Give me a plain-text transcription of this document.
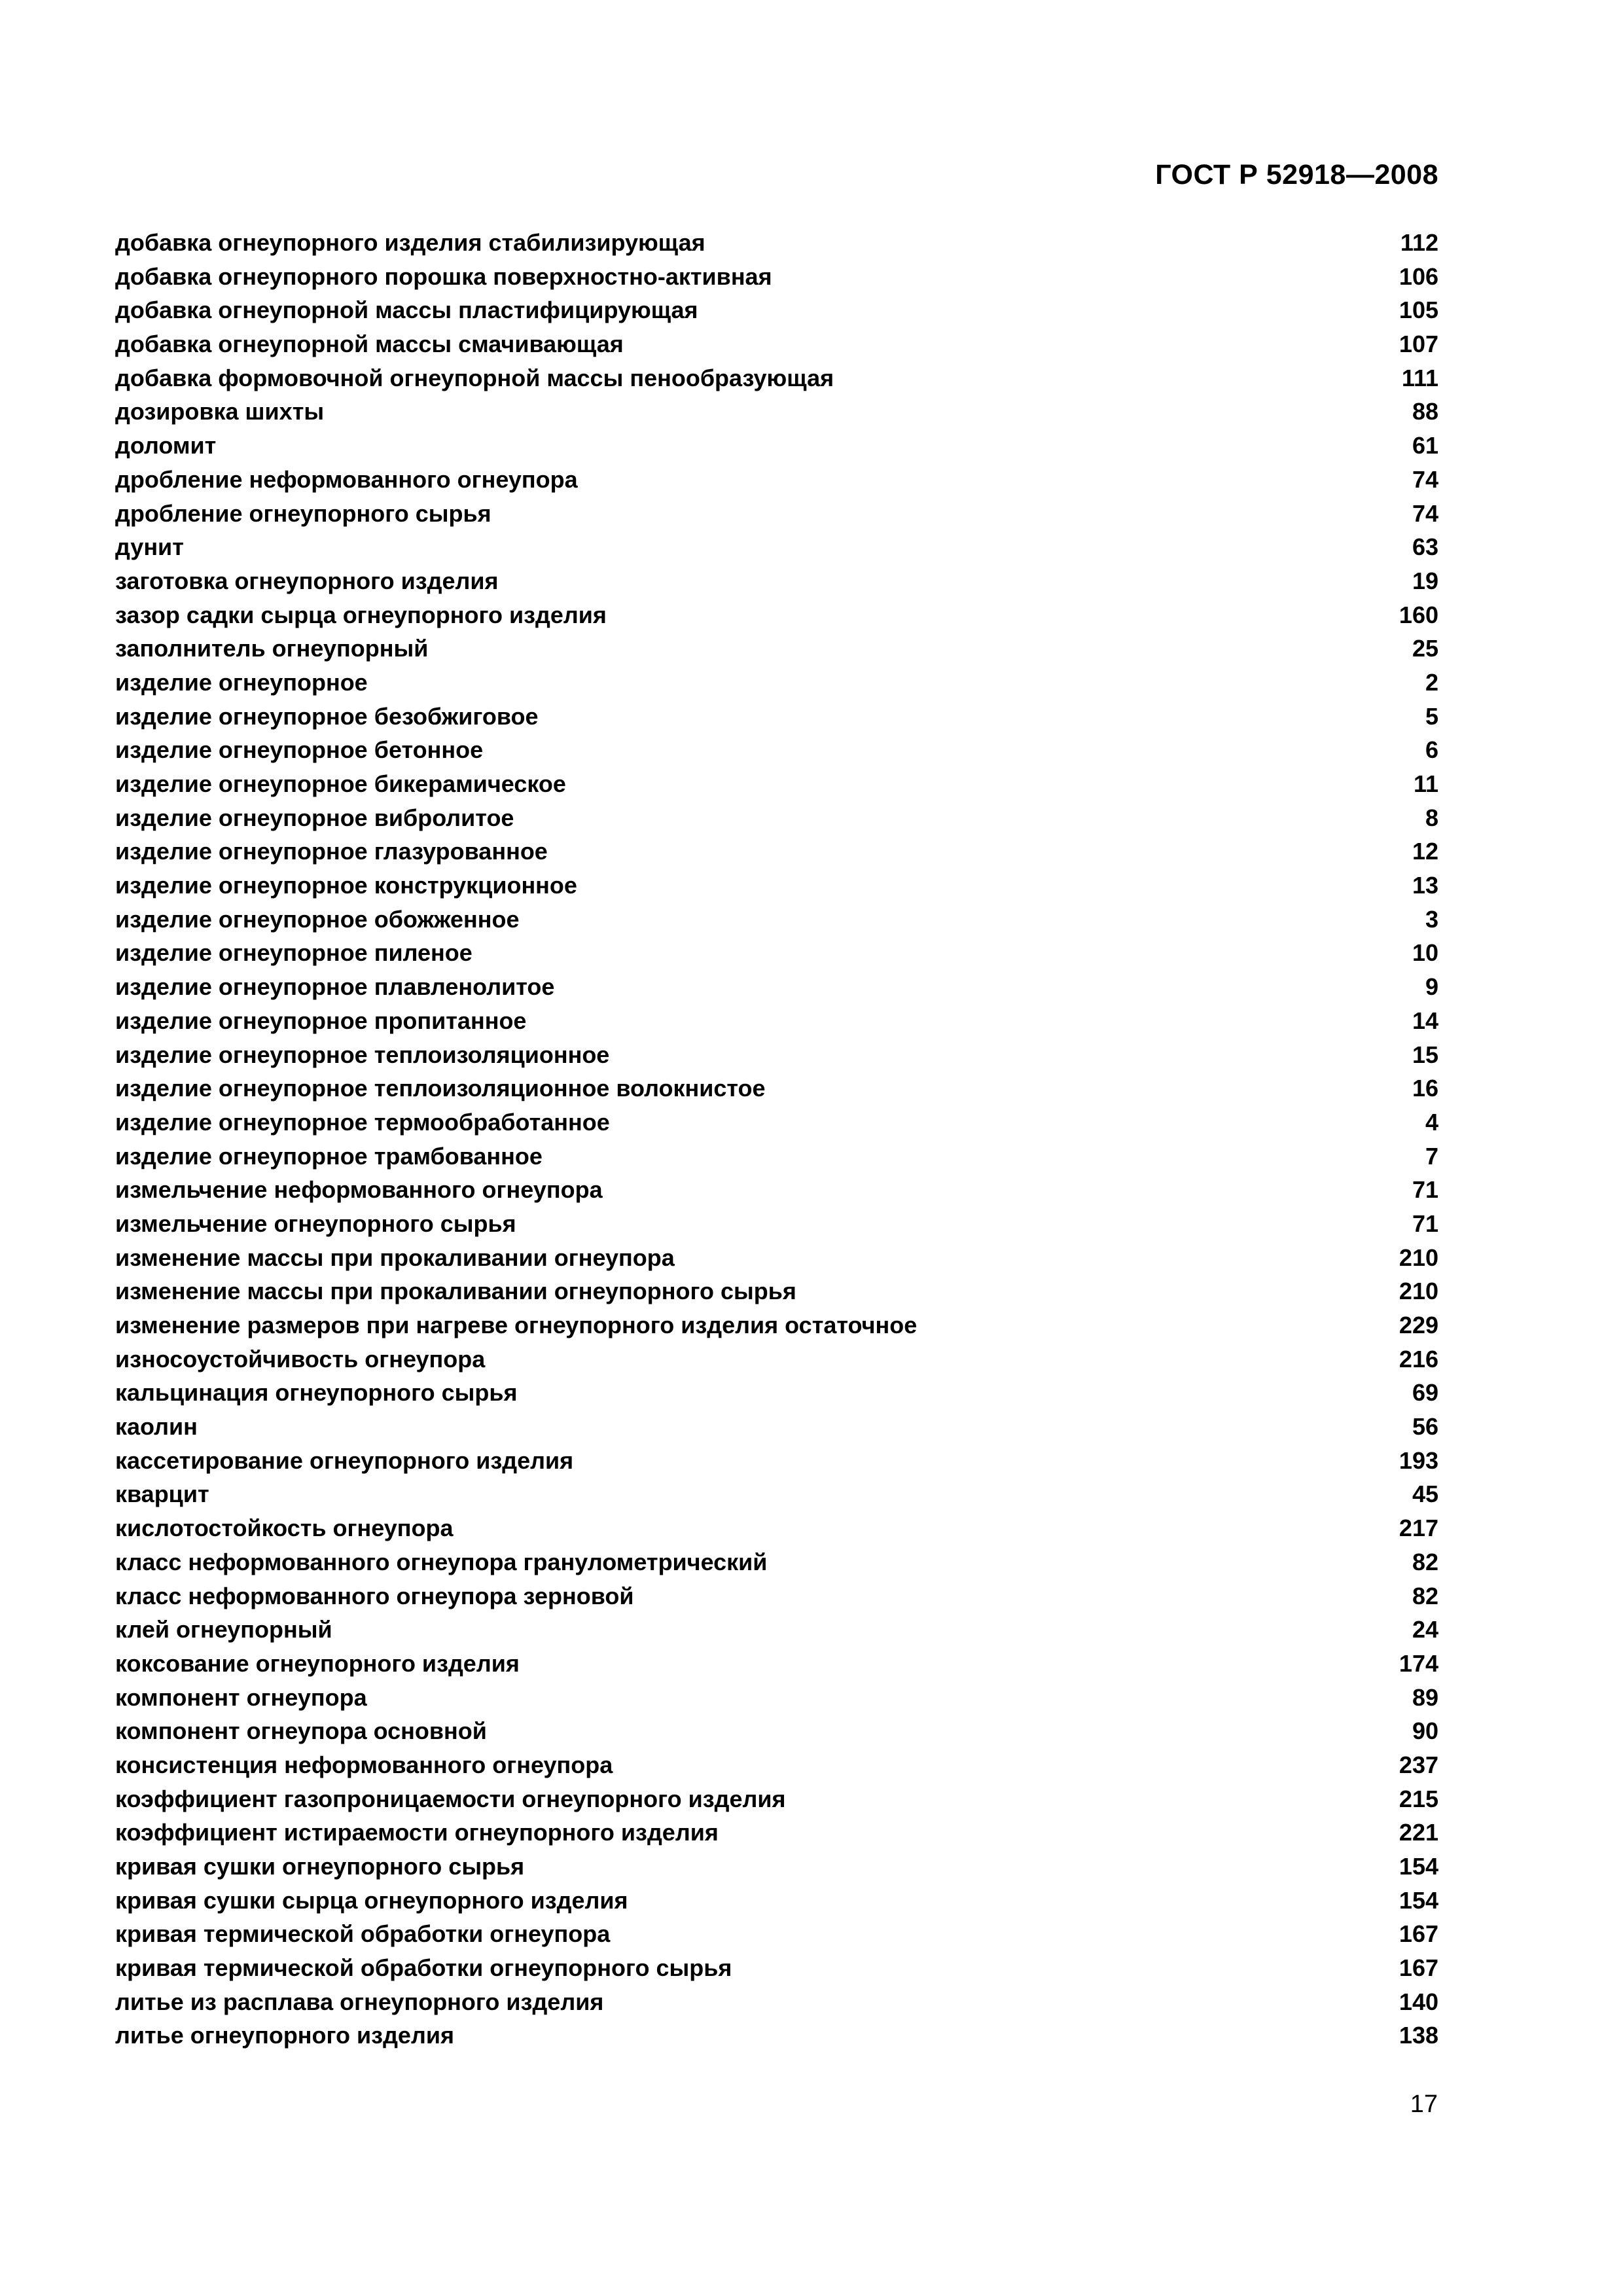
ГОСТ Р 52918—2008
добавка огнеупорного изделия стабилизирующая	112
добавка огнеупорного порошка поверхностно-активная	106
добавка огнеупорной массы пластифицирующая	105
добавка огнеупорной массы смачивающая	107
добавка формовочной огнеупорной массы пенообразующая	111
дозировка шихты	88
доломит	61
дробление неформованного огнеупора	74
дробление огнеупорного сырья	74
дунит	63
заготовка огнеупорного изделия	19
зазор садки сырца огнеупорного изделия	160
заполнитель огнеупорный	25
изделие огнеупорное	2
изделие огнеупорное безобжиговое	5
изделие огнеупорное бетонное	6
изделие огнеупорное бикерамическое	11
изделие огнеупорное вибролитое	8
изделие огнеупорное глазурованное	12
изделие огнеупорное конструкционное	13
изделие огнеупорное обожженное	3
изделие огнеупорное пиленое	10
изделие огнеупорное плавленолитое	9
изделие огнеупорное пропитанное	14
изделие огнеупорное теплоизоляционное	15
изделие огнеупорное теплоизоляционное волокнистое	16
изделие огнеупорное термообработанное	4
изделие огнеупорное трамбованное	7
измельчение неформованного огнеупора	71
измельчение огнеупорного сырья	71
изменение массы при прокаливании огнеупора	210
изменение массы при прокаливании огнеупорного сырья	210
изменение размеров при нагреве огнеупорного изделия остаточное	229
износоустойчивость огнеупора	216
кальцинация огнеупорного сырья	69
каолин	56
кассетирование огнеупорного изделия	193
кварцит	45
кислотостойкость огнеупора	217
класс неформованного огнеупора гранулометрический	82
класс неформованного огнеупора зерновой	82
клей огнеупорный	24
коксование огнеупорного изделия	174
компонент огнеупора	89
компонент огнеупора основной	90
консистенция неформованного огнеупора	237
коэффициент газопроницаемости огнеупорного изделия	215
коэффициент истираемости огнеупорного изделия	221
кривая сушки огнеупорного сырья	154
кривая сушки сырца огнеупорного изделия	154
кривая термической обработки огнеупора	167
кривая термической обработки огнеупорного сырья	167
литье из расплава огнеупорного изделия	140
литье огнеупорного изделия	138
17
